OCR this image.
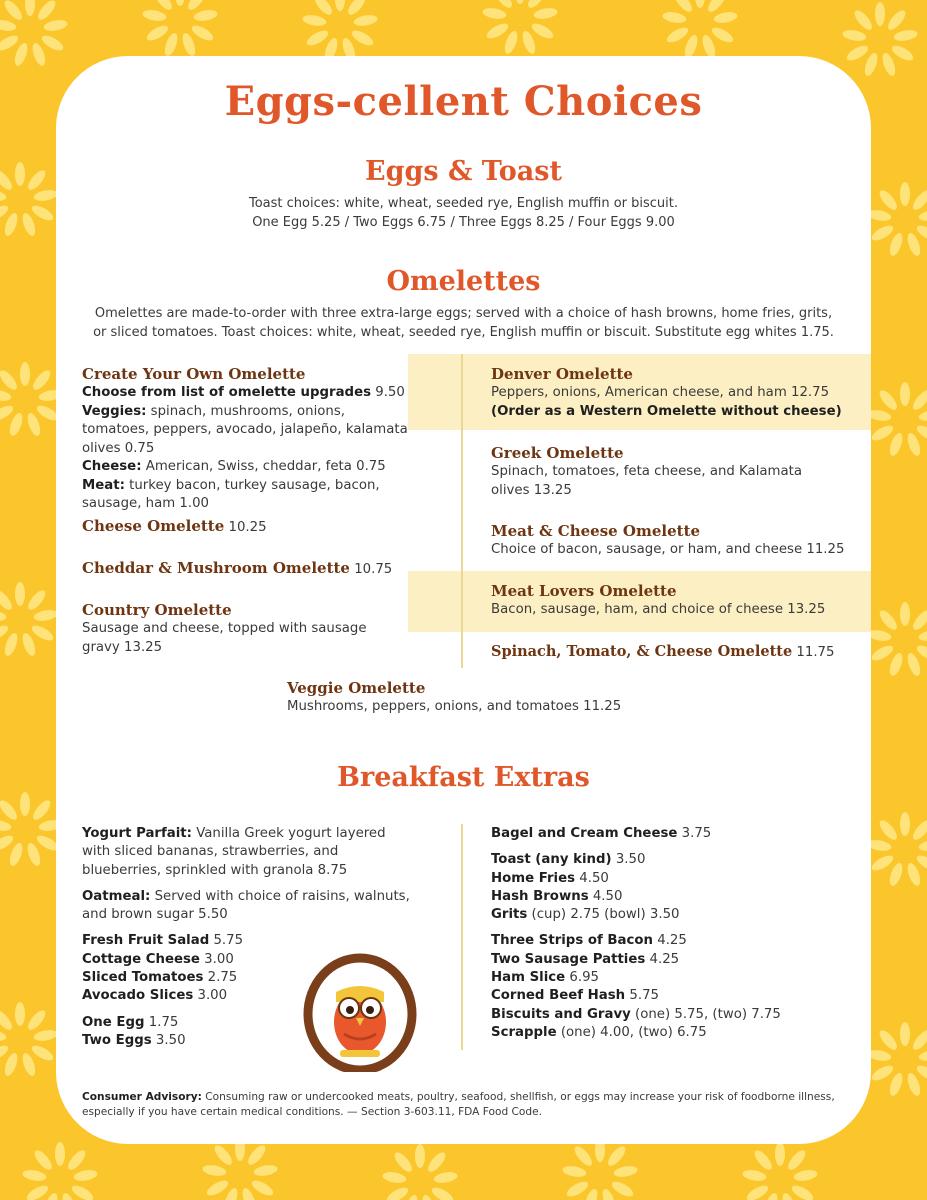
Eggs-cellent Choices
Eggs & Toast
Toast choices: white, wheat, seeded rye, English muffin or biscuit.
One Egg 5.25 / Two Eggs 6.75 / Three Eggs 8.25 / Four Eggs 9.00
Omelettes
Omelettes are made-to-order with three extra-large eggs; served with a choice of hash browns, home fries, grits,
or sliced tomatoes. Toast choices: white, wheat, seeded rye, English muffin or biscuit. Substitute egg whites 1.75.
Create Your Own Omelette
Choose from list of omelette upgrades 9.50
Veggies: spinach, mushrooms, onions, tomatoes, peppers, avocado, jalapeño, kalamata olives 0.75
Cheese: American, Swiss, cheddar, feta 0.75
Meat: turkey bacon, turkey sausage, bacon, sausage, ham 1.00
Cheese Omelette 10.25
Cheddar & Mushroom Omelette 10.75
Country Omelette
Sausage and cheese, topped with sausage gravy 13.25
Denver Omelette
Peppers, onions, American cheese, and ham 12.75
(Order as a Western Omelette without cheese)
Greek Omelette
Spinach, tomatoes, feta cheese, and Kalamata olives 13.25
Meat & Cheese Omelette
Choice of bacon, sausage, or ham, and cheese 11.25
Meat Lovers Omelette
Bacon, sausage, ham, and choice of cheese 13.25
Spinach, Tomato, & Cheese Omelette 11.75
Veggie Omelette
Mushrooms, peppers, onions, and tomatoes 11.25
Breakfast Extras

Yogurt Parfait: Vanilla Greek yogurt layered with sliced bananas, strawberries, and blueberries, sprinkled with granola 8.75

Oatmeal: Served with choice of raisins, walnuts, and brown sugar 5.50

Fresh Fruit Salad 5.75

Cottage Cheese 3.00

Sliced Tomatoes 2.75

Avocado Slices 3.00

One Egg 1.75

Two Eggs 3.50

Bagel and Cream Cheese 3.75

Toast (any kind) 3.50

Home Fries 4.50

Hash Browns 4.50

Grits (cup) 2.75 (bowl) 3.50

Three Strips of Bacon 4.25

Two Sausage Patties 4.25

Ham Slice 6.95

Corned Beef Hash 5.75

Biscuits and Gravy (one) 5.75, (two) 7.75

Scrapple (one) 4.00, (two) 6.75

Consumer Advisory: Consuming raw or undercooked meats, poultry, seafood, shellfish, or eggs may increase your risk of foodborne illness, especially if you have certain medical conditions. — Section 3-603.11, FDA Food Code.
